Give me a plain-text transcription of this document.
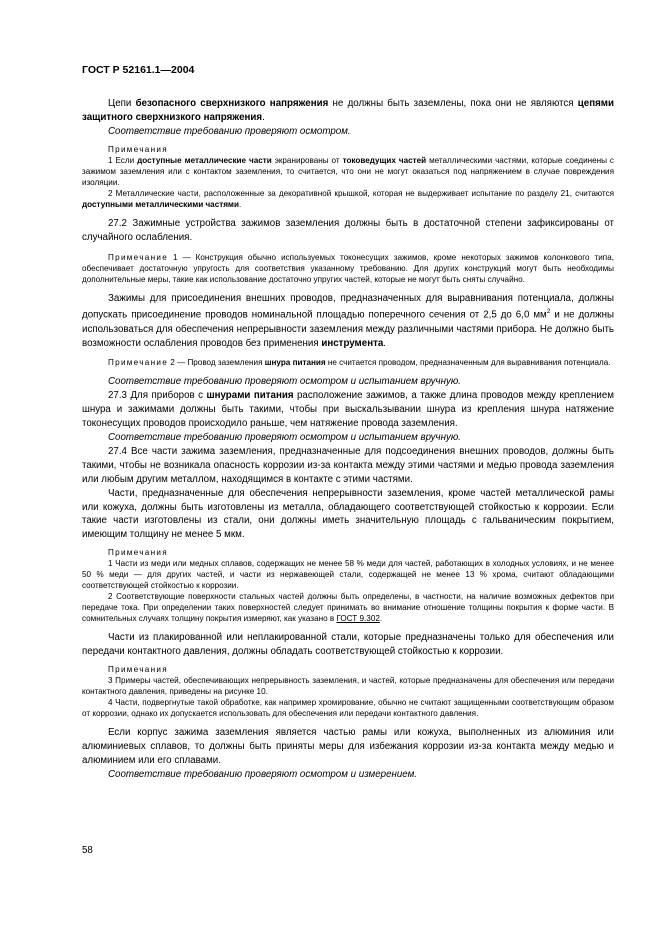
ГОСТ Р 52161.1—2004

Цепи безопасного сверхнизкого напряжения не должны быть заземлены, пока они не являются цепями защитного сверхнизкого напряжения.

Соответствие требованию проверяют осмотром.

Примечания

1 Если доступные металлические части экранированы от токоведущих частей металлическими частями, которые соединены с зажимом заземления или с контактом заземления, то считается, что они не могут оказаться под напряжением в случае повреждения изоляции.

2 Металлические части, расположенные за декоративной крышкой, которая не выдерживает испытание по разделу 21, считаются доступными металлическими частями.

27.2 Зажимные устройства зажимов заземления должны быть в достаточной степени зафиксированы от случайного ослабления.

Примечание 1 — Конструкция обычно используемых токонесущих зажимов, кроме некоторых зажимов колонкового типа, обеспечивает достаточную упругость для соответствия указанному требованию. Для других конструкций могут быть необходимы дополнительные меры, такие как использование достаточно упругих частей, которые не могут быть сняты случайно.

Зажимы для присоединения внешних проводов, предназначенных для выравнивания потенциала, должны допускать присоединение проводов номинальной площадью поперечного сечения от 2,5 до 6,0 $мм^2$ и не должны использоваться для обеспечения непрерывности заземления между различными частями прибора. Не должно быть возможности ослабления проводов без применения инструмента.

Примечание 2 — Провод заземления шнура питания не считается проводом, предназначенным для выравнивания потенциала.

Соответствие требованию проверяют осмотром и испытанием вручную.

27.3 Для приборов с шнурами питания расположение зажимов, а также длина проводов между креплением шнура и зажимами должны быть такими, чтобы при выскальзывании шнура из крепления шнура натяжение токонесущих проводов происходило раньше, чем натяжение провода заземления.

Соответствие требованию проверяют осмотром и испытанием вручную.

27.4 Все части зажима заземления, предназначенные для подсоединения внешних проводов, должны быть такими, чтобы не возникала опасность коррозии из-за контакта между этими частями и медью провода заземления или любым другим металлом, находящимся в контакте с этими частями.

Части, предназначенные для обеспечения непрерывности заземления, кроме частей металлической рамы или кожуха, должны быть изготовлены из металла, обладающего соответствующей стойкостью к коррозии. Если такие части изготовлены из стали, они должны иметь значительную площадь с гальваническим покрытием, имеющим толщину не менее 5 мкм.

Примечания

1 Части из меди или медных сплавов, содержащих не менее 58 % меди для частей, работающих в холодных условиях, и не менее 50 % меди — для других частей, и части из нержавеющей стали, содержащей не менее 13 % хрома, считают обладающими соответствующей стойкостью к коррозии.

2 Соответствующие поверхности стальных частей должны быть определены, в частности, на наличие возможных дефектов при передаче тока. При определении таких поверхностей следует принимать во внимание отношение толщины покрытия к форме части. В сомнительных случаях толщину покрытия измеряют, как указано в ГОСТ 9.302.

Части из плакированной или неплакированной стали, которые предназначены только для обеспечения или передачи контактного давления, должны обладать соответствующей стойкостью к коррозии.

Примечания

3 Примеры частей, обеспечивающих непрерывность заземления, и частей, которые предназначены для обеспечения или передачи контактного давления, приведены на рисунке 10.

4 Части, подвергнутые такой обработке, как например хромирование, обычно не считают защищенными соответствующим образом от коррозии, однако их допускается использовать для обеспечения или передачи контактного давления.

Если корпус зажима заземления является частью рамы или кожуха, выполненных из алюминия или алюминиевых сплавов, то должны быть приняты меры для избежания коррозии из-за контакта между медью и алюминием или его сплавами.

Соответствие требованию проверяют осмотром и измерением.

58
